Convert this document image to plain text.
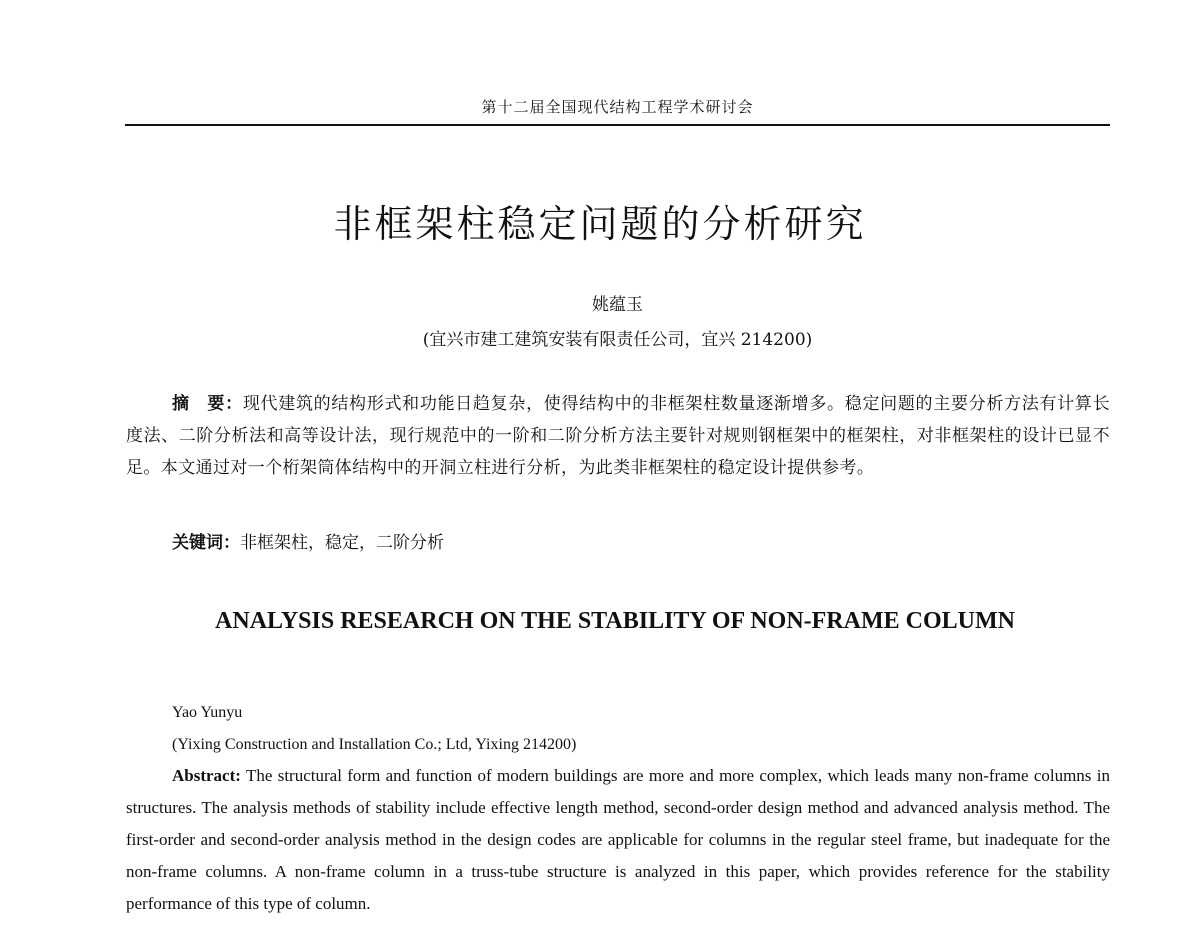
第十二届全国现代结构工程学术研讨会
非框架柱稳定问题的分析研究
姚蕴玉
(宜兴市建工建筑安装有限责任公司，宜兴 214200)

摘　要：现代建筑的结构形式和功能日趋复杂，使得结构中的非框架柱数量逐渐增多。稳定问题的主要分析方法有计算长度法、二阶分析法和高等设计法，现行规范中的一阶和二阶分析方法主要针对规则钢框架中的框架柱，对非框架柱的设计已显不足。本文通过对一个桁架筒体结构中的开洞立柱进行分析，为此类非框架柱的稳定设计提供参考。

关键词：非框架柱，稳定，二阶分析
ANALYSIS RESEARCH ON THE STABILITY OF NON-FRAME COLUMN
Yao Yunyu
(Yixing Construction and Installation Co.; Ltd, Yixing 214200)

Abstract: The structural form and function of modern buildings are more and more complex, which leads many non-frame columns in structures. The analysis methods of stability include effective length method, second-order design method and advanced analysis method. The first-order and second-order analysis method in the design codes are applicable for columns in the regular steel frame, but inadequate for the non-frame columns. A non-frame column in a truss-tube structure is analyzed in this paper, which provides reference for the stability performance of this type of column.
